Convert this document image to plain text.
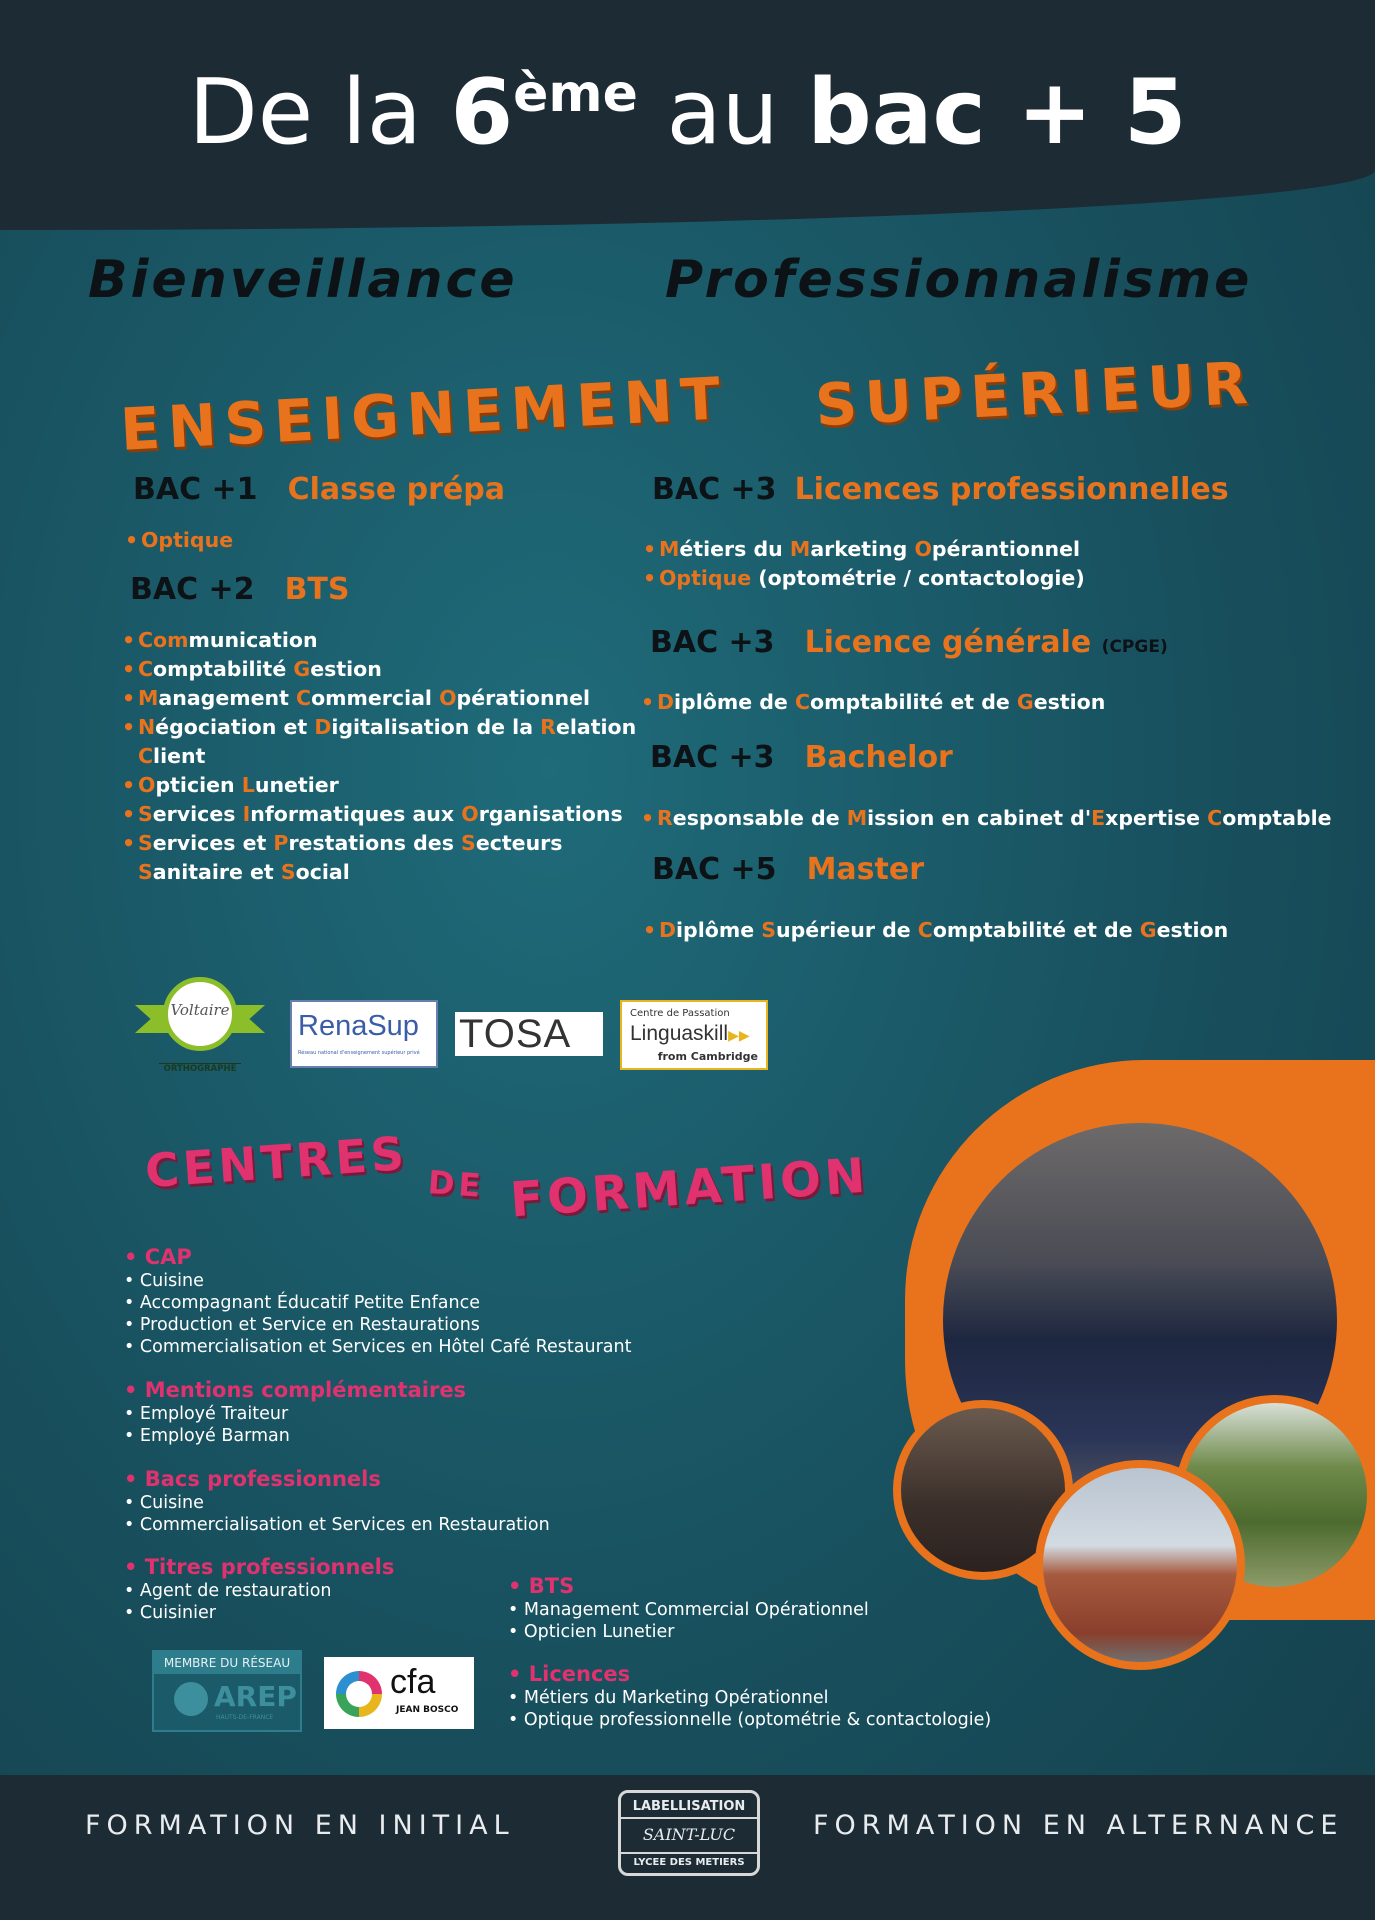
De la 6ème au bac + 5
Bienveillance	Professionnalisme
ENSEIGNEMENT SUPÉRIEUR
BAC +1 Classe prépa
• Optique
BAC +2 BTS
• Communication
• Comptabilité Gestion
• Management Commercial Opérationnel
• Négociation et Digitalisation de la Relation
Client
• Opticien Lunetier
• Services Informatiques aux Organisations
• Services et Prestations des Secteurs
Sanitaire et Social
BAC +3 Licences professionnelles
• Métiers du Marketing Opérantionnel
• Optique (optométrie / contactologie)
BAC +3 Licence générale (CPGE)
• Diplôme de Comptabilité et de Gestion
BAC +3 Bachelor
• Responsable de Mission en cabinet d'Expertise Comptable
BAC +5 Master
• Diplôme Supérieur de Comptabilité et de Gestion
Voltaire
ORTHOGRAPHE
RenaSup
Réseau national d'enseignement supérieur privé TOSA	Centre de Passation
Linguaskill▶▶
from Cambridge
CENTRES DE FORMATION
• CAP
• Cuisine
• Accompagnant Éducatif Petite Enfance
• Production et Service en Restaurations
• Commercialisation et Services en Hôtel Café Restaurant
• Mentions complémentaires
• Employé Traiteur
• Employé Barman
• Bacs professionnels
• Cuisine
• Commercialisation et Services en Restauration
• Titres professionnels
• Agent de restauration
• Cuisinier
• BTS
• Management Commercial Opérationnel
• Opticien Lunetier
• Licences
• Métiers du Marketing Opérationnel
• Optique professionnelle (optométrie & contactologie)
MEMBRE DU RÉSEAU
AREP
HAUTS-DE-FRANCE
cfa
JEAN BOSCO
FORMATION EN INITIAL	FORMATION EN ALTERNANCE
LABELLISATION
SAINT-LUC
LYCEE DES METIERS
